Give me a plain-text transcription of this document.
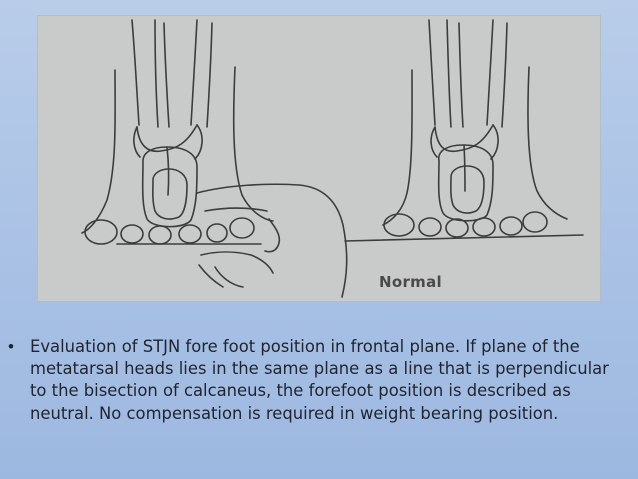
Normal
• Evaluation of STJN fore foot position in frontal plane. If plane of the metatarsal heads lies in the same plane as a line that is perpendicular to the bisection of calcaneus, the forefoot position is described as neutral. No compensation is required in weight bearing position.
